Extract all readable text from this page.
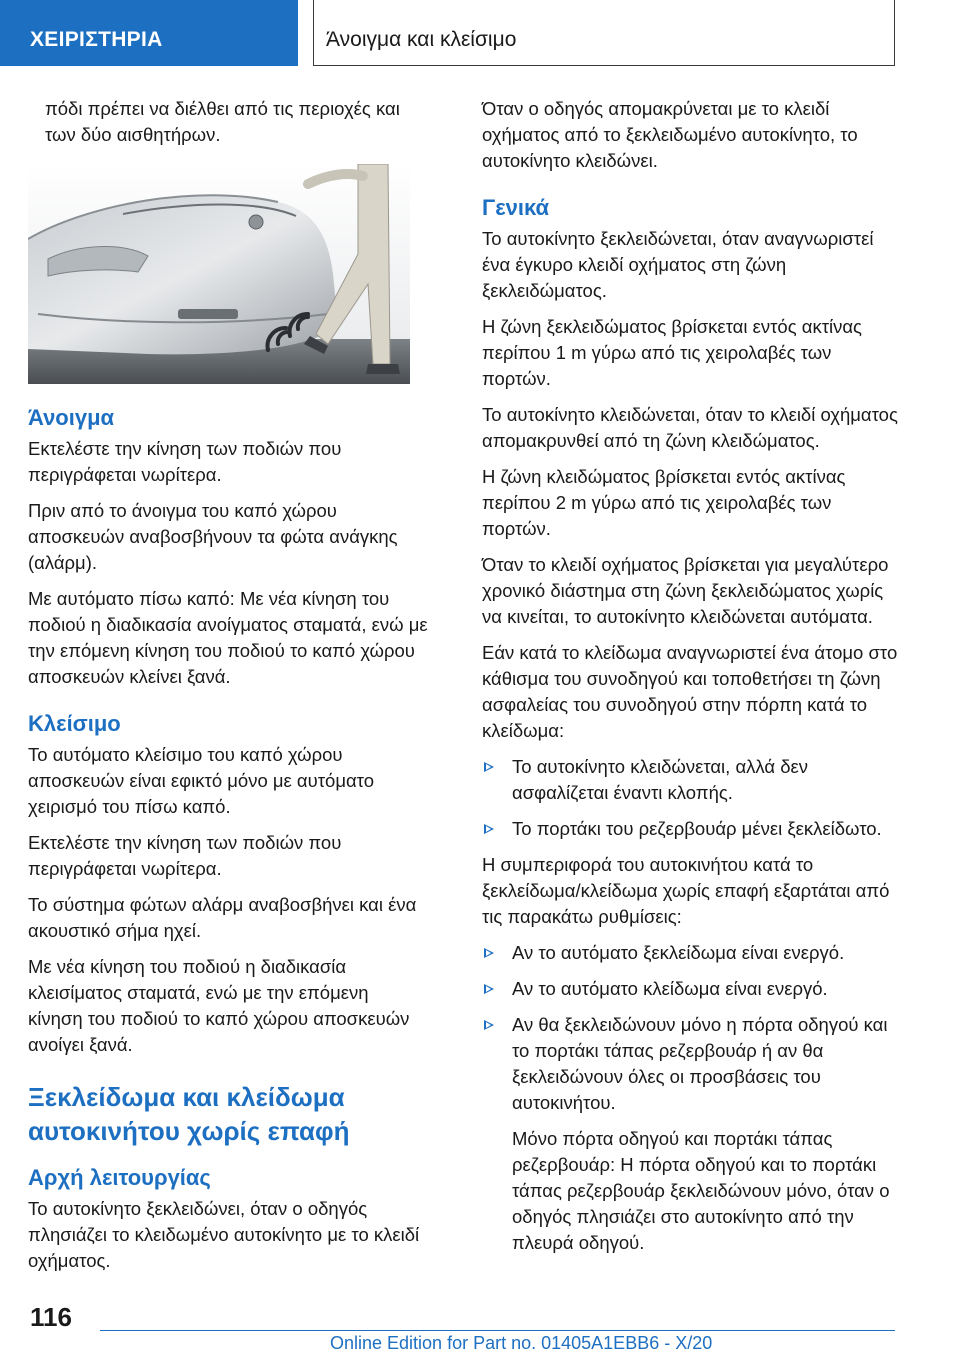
ΧΕΙΡΙΣΤΗΡΙΑ	Άνοιγμα και κλείσιμο

πόδι πρέπει να διέλθει από τις περιοχές και των δύο αισθητήρων.

Άνοιγμα

Εκτελέστε την κίνηση των ποδιών που περιγράφεται νωρίτερα.

Πριν από το άνοιγμα του καπό χώρου αποσκευών αναβοσβήνουν τα φώτα ανάγκης (αλάρμ).

Με αυτόματο πίσω καπό: Με νέα κίνηση του ποδιού η διαδικασία ανοίγματος σταματά, ενώ με την επόμενη κίνηση του ποδιού το καπό χώρου αποσκευών κλείνει ξανά.

Κλείσιμο

Το αυτόματο κλείσιμο του καπό χώρου αποσκευών είναι εφικτό μόνο με αυτόματο χειρισμό του πίσω καπό.

Εκτελέστε την κίνηση των ποδιών που περιγράφεται νωρίτερα.

Το σύστημα φώτων αλάρμ αναβοσβήνει και ένα ακουστικό σήμα ηχεί.

Με νέα κίνηση του ποδιού η διαδικασία κλεισίματος σταματά, ενώ με την επόμενη κίνηση του ποδιού το καπό χώρου αποσκευών ανοίγει ξανά.

Ξεκλείδωμα και κλείδωμα αυτοκινήτου χωρίς επαφή
Αρχή λειτουργίας

Το αυτοκίνητο ξεκλειδώνει, όταν ο οδηγός πλησιάζει το κλειδωμένο αυτοκίνητο με το κλειδί οχήματος.

Όταν ο οδηγός απομακρύνεται με το κλειδί οχήματος από το ξεκλειδωμένο αυτοκίνητο, το αυτοκίνητο κλειδώνει.

Γενικά

Το αυτοκίνητο ξεκλειδώνεται, όταν αναγνωριστεί ένα έγκυρο κλειδί οχήματος στη ζώνη ξεκλειδώματος.

Η ζώνη ξεκλειδώματος βρίσκεται εντός ακτίνας περίπου 1 m γύρω από τις χειρολαβές των πορτών.

Το αυτοκίνητο κλειδώνεται, όταν το κλειδί οχήματος απομακρυνθεί από τη ζώνη κλειδώματος.

Η ζώνη κλειδώματος βρίσκεται εντός ακτίνας περίπου 2 m γύρω από τις χειρολαβές των πορτών.

Όταν το κλειδί οχήματος βρίσκεται για μεγαλύτερο χρονικό διάστημα στη ζώνη ξεκλειδώματος χωρίς να κινείται, το αυτοκίνητο κλειδώνεται αυτόματα.

Εάν κατά το κλείδωμα αναγνωριστεί ένα άτομο στο κάθισμα του συνοδηγού και τοποθετήσει τη ζώνη ασφαλείας του συνοδηγού στην πόρπη κατά το κλείδωμα:

Το αυτοκίνητο κλειδώνεται, αλλά δεν ασφαλίζεται έναντι κλοπής.
Το πορτάκι του ρεζερβουάρ μένει ξεκλείδωτο.

Η συμπεριφορά του αυτοκινήτου κατά το ξεκλείδωμα/κλείδωμα χωρίς επαφή εξαρτάται από τις παρακάτω ρυθμίσεις:

Αν το αυτόματο ξεκλείδωμα είναι ενεργό.
Αν το αυτόματο κλείδωμα είναι ενεργό.
Αν θα ξεκλειδώνουν μόνο η πόρτα οδηγού και το πορτάκι τάπας ρεζερβουάρ ή αν θα ξεκλειδώνουν όλες οι προσβάσεις του αυτοκινήτου.

Μόνο πόρτα οδηγού και πορτάκι τάπας ρεζερβουάρ: Η πόρτα οδηγού και το πορτάκι τάπας ρεζερβουάρ ξεκλειδώνουν μόνο, όταν ο οδηγός πλησιάζει στο αυτοκίνητο από την πλευρά οδηγού.

116
Online Edition for Part no. 01405A1EBB6 - X/20
